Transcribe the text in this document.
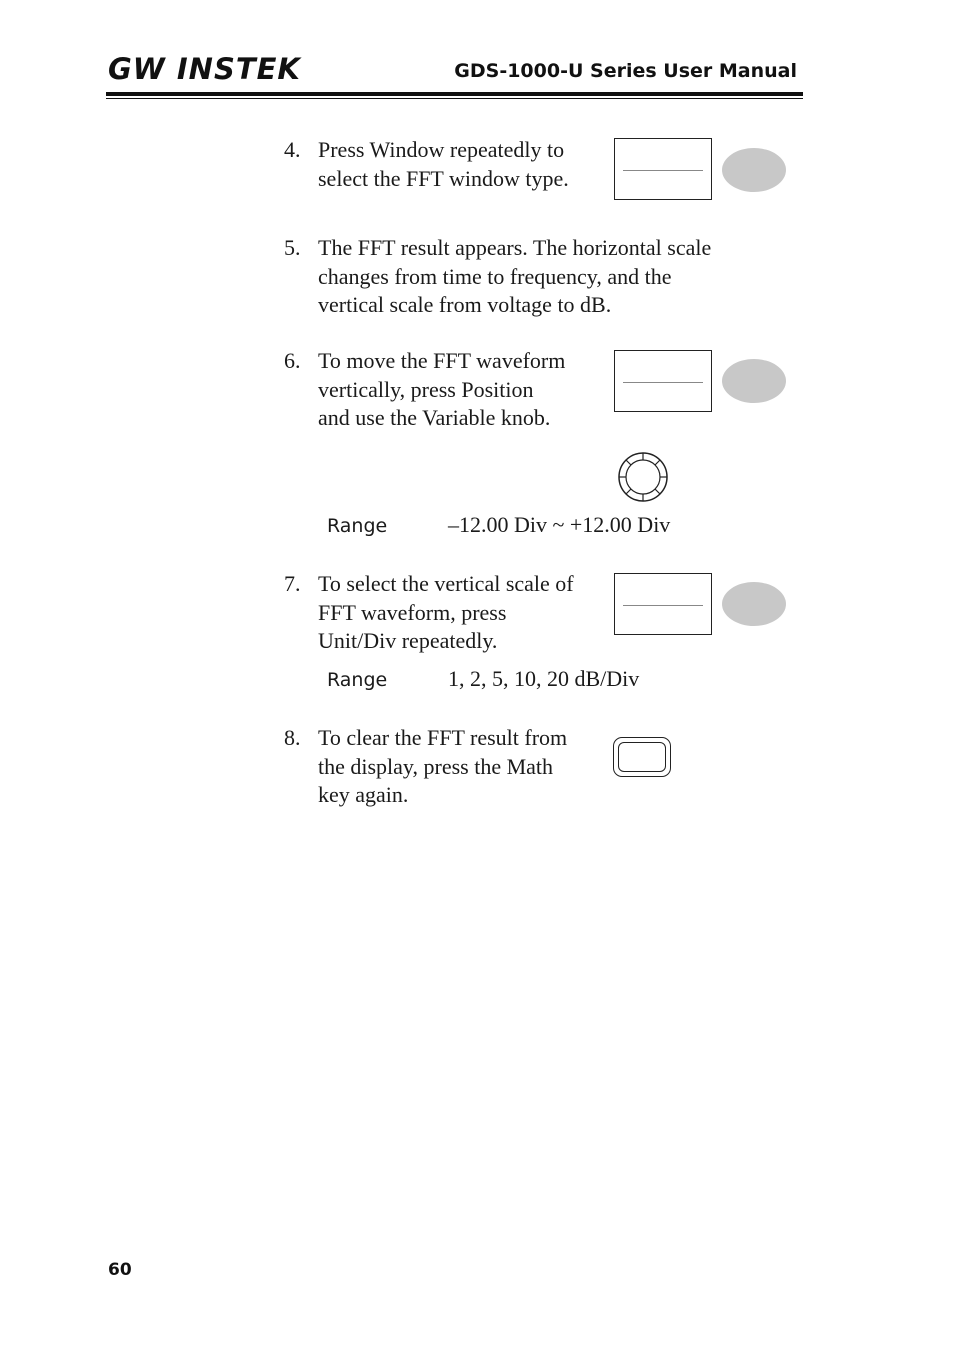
GW INSTEK	GDS-1000-U Series User Manual
4. Press Window repeatedly to
select the FFT window type.
5. The FFT result appears. The horizontal scale
changes from time to frequency, and the
vertical scale from voltage to dB.
6. To move the FFT waveform
vertically, press Position
and use the Variable knob.
Range	–12.00 Div ~ +12.00 Div
7. To select the vertical scale of
FFT waveform, press
Unit/Div repeatedly.
Range	1, 2, 5, 10, 20 dB/Div
8. To clear the FFT result from
the display, press the Math
key again.
60
